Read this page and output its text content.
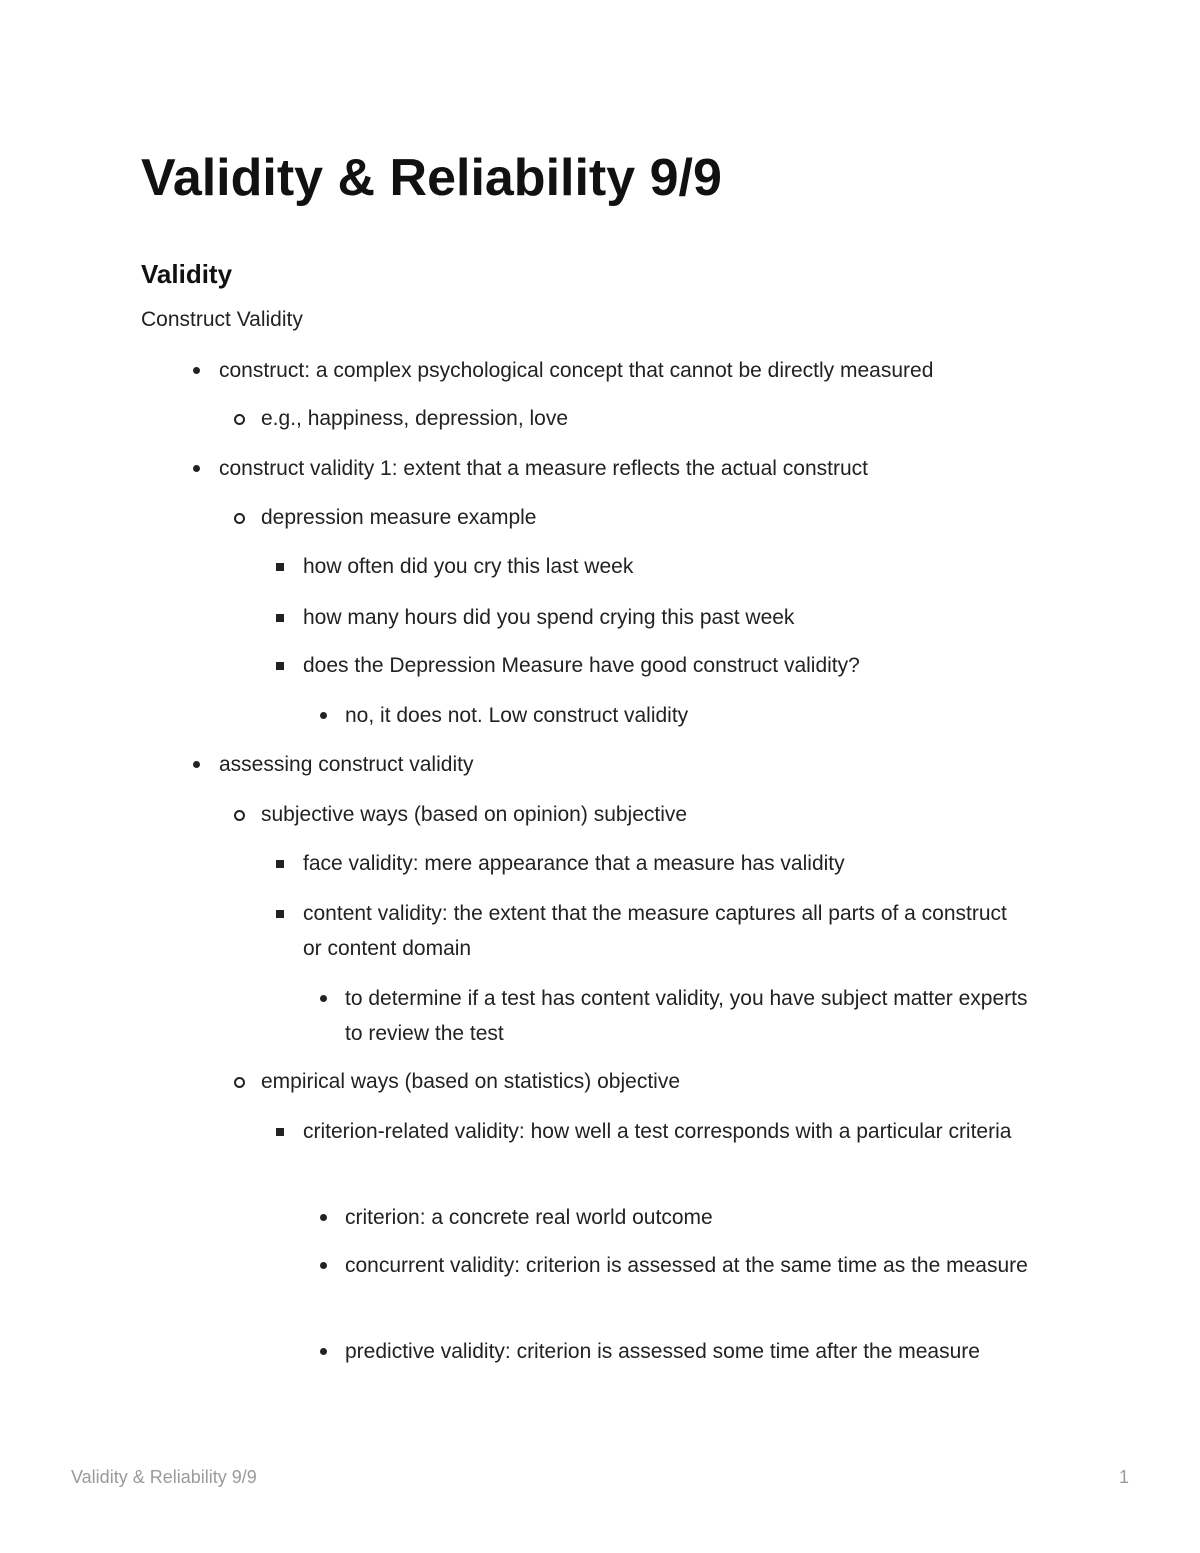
Validity & Reliability 9/9
Validity

Construct Validity

construct: a complex psychological concept that cannot be directly measured
e.g., happiness, depression, love
construct validity 1: extent that a measure reflects the actual construct
depression measure example
how often did you cry this last week
how many hours did you spend crying this past week
does the Depression Measure have good construct validity?
no, it does not. Low construct validity
assessing construct validity
subjective ways (based on opinion) subjective
face validity: mere appearance that a measure has validity
content validity: the extent that the measure captures all parts of a construct or content domain
to determine if a test has content validity, you have subject matter experts to review the test
empirical ways (based on statistics) objective
criterion-related validity: how well a test corresponds with a particular criteria
criterion: a concrete real world outcome
concurrent validity: criterion is assessed at the same time as the measure
predictive validity: criterion is assessed some time after the measure
Validity & Reliability 9/9	1
